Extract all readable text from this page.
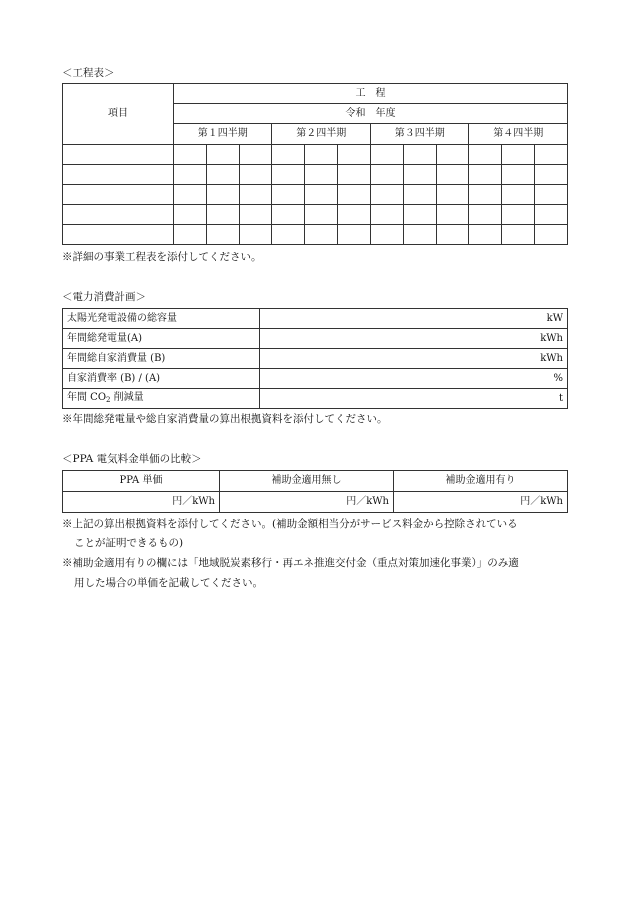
＜工程表＞
項目	工　程											
	令和　年度											
	第１四半期			第２四半期			第３四半期			第４四半期		

※詳細の事業工程表を添付してください。
＜電力消費計画＞
太陽光発電設備の総容量	kW
年間総発電量(A)	kWh
年間総自家消費量 (B)	kWh
自家消費率 (B) / (A)	%
年間 $CO_2$ 削減量	t
※年間総発電量や総自家消費量の算出根拠資料を添付してください。
＜PPA 電気料金単価の比較＞
PPA 単価	補助金適用無し	補助金適用有り
円／kWh	円／kWh	円／kWh
※上記の算出根拠資料を添付してください。(補助金額相当分がサービス料金から控除されている
ことが証明できるもの)
※補助金適用有りの欄には「地域脱炭素移行・再エネ推進交付金（重点対策加速化事業）」のみ適
用した場合の単価を記載してください。
